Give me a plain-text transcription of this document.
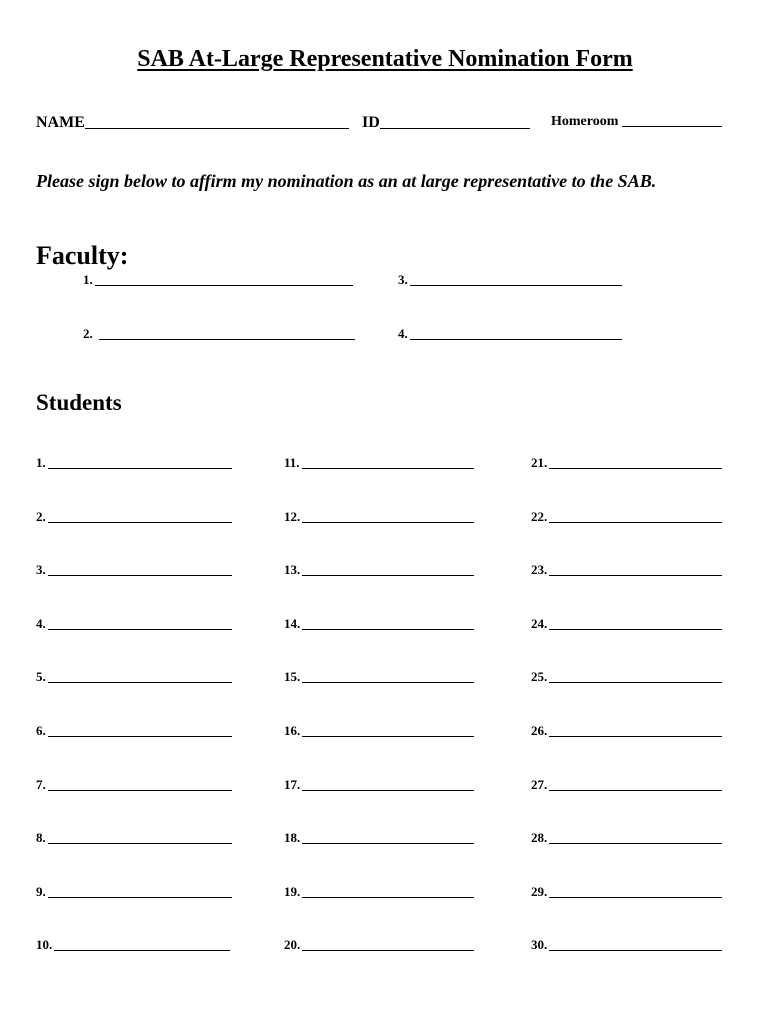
SAB At-Large Representative Nomination Form
NAME	ID	Homeroom
Please sign below to affirm my nomination as an at large representative to the SAB.
Faculty:
1.
2.
3.
4.
Students
1.
2.
3.
4.
5.
6.
7.
8.
9.
10.
11.
12.
13.
14.
15.
16.
17.
18.
19.
20.
21.
22.
23.
24.
25.
26.
27.
28.
29.
30.
